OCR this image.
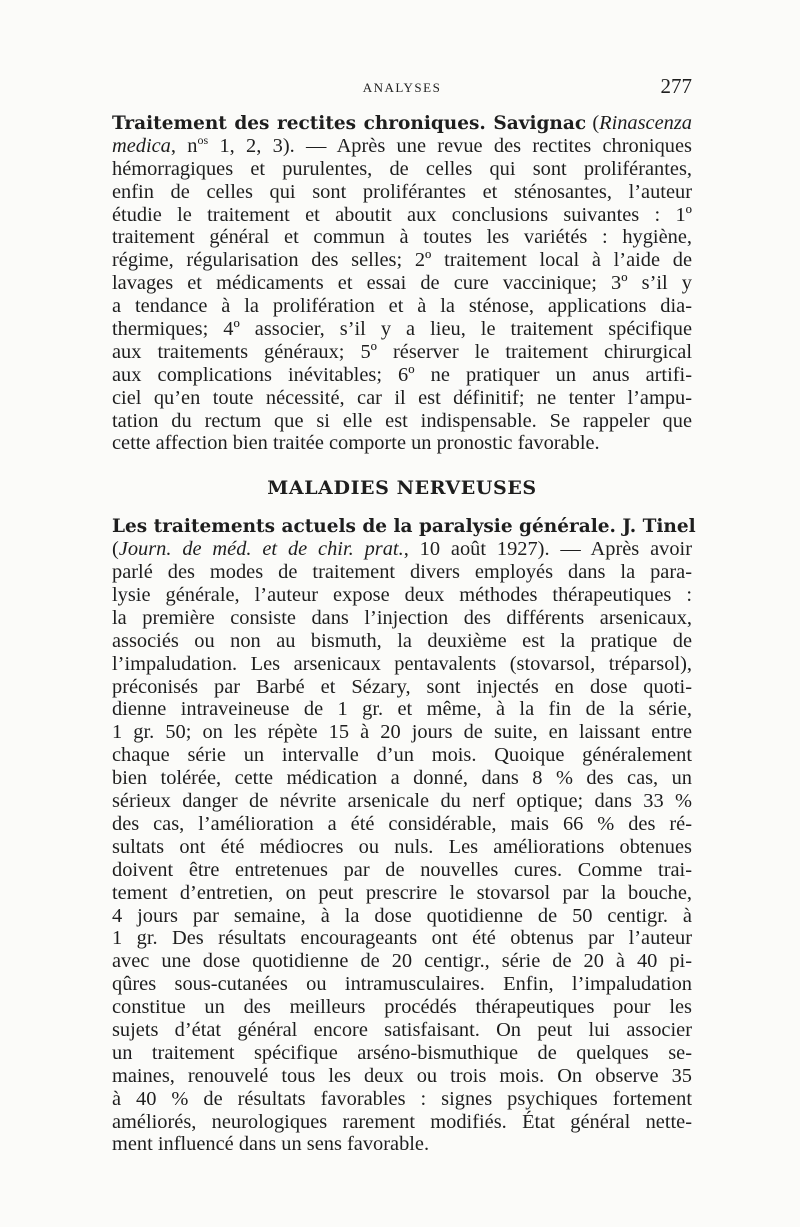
ANALYSES	277
Traitement des rectites chroniques. Savignac (Rinascenza
medica, $n^{os}$ 1, 2, 3). — Après une revue des rectites chroniques
hémorragiques et purulentes, de celles qui sont proliférantes,
enfin de celles qui sont proliférantes et sténosantes, l’auteur
étudie le traitement et aboutit aux conclusions suivantes : 1º
traitement général et commun à toutes les variétés : hygiène,
régime, régularisation des selles; 2º traitement local à l’aide de
lavages et médicaments et essai de cure vaccinique; 3º s’il y
a tendance à la prolifération et à la sténose, applications dia-
thermiques; 4º associer, s’il y a lieu, le traitement spécifique
aux traitements généraux; 5º réserver le traitement chirurgical
aux complications inévitables; 6º ne pratiquer un anus artifi-
ciel qu’en toute nécessité, car il est définitif; ne tenter l’ampu-
tation du rectum que si elle est indispensable. Se rappeler que
cette affection bien traitée comporte un pronostic favorable.
MALADIES NERVEUSES
Les traitements actuels de la paralysie générale. J. Tinel
(Journ. de méd. et de chir. prat., 10 août 1927). — Après avoir
parlé des modes de traitement divers employés dans la para-
lysie générale, l’auteur expose deux méthodes thérapeutiques :
la première consiste dans l’injection des différents arsenicaux,
associés ou non au bismuth, la deuxième est la pratique de
l’impaludation. Les arsenicaux pentavalents (stovarsol, tréparsol),
préconisés par Barbé et Sézary, sont injectés en dose quoti-
dienne intraveineuse de 1 gr. et même, à la fin de la série,
1 gr. 50; on les répète 15 à 20 jours de suite, en laissant entre
chaque série un intervalle d’un mois. Quoique généralement
bien tolérée, cette médication a donné, dans 8 % des cas, un
sérieux danger de névrite arsenicale du nerf optique; dans 33 %
des cas, l’amélioration a été considérable, mais 66 % des ré-
sultats ont été médiocres ou nuls. Les améliorations obtenues
doivent être entretenues par de nouvelles cures. Comme trai-
tement d’entretien, on peut prescrire le stovarsol par la bouche,
4 jours par semaine, à la dose quotidienne de 50 centigr. à
1 gr. Des résultats encourageants ont été obtenus par l’auteur
avec une dose quotidienne de 20 centigr., série de 20 à 40 pi-
qûres sous-cutanées ou intramusculaires. Enfin, l’impaludation
constitue un des meilleurs procédés thérapeutiques pour les
sujets d’état général encore satisfaisant. On peut lui associer
un traitement spécifique arséno-bismuthique de quelques se-
maines, renouvelé tous les deux ou trois mois. On observe 35
à 40 % de résultats favorables : signes psychiques fortement
améliorés, neurologiques rarement modifiés. État général nette-
ment influencé dans un sens favorable.
